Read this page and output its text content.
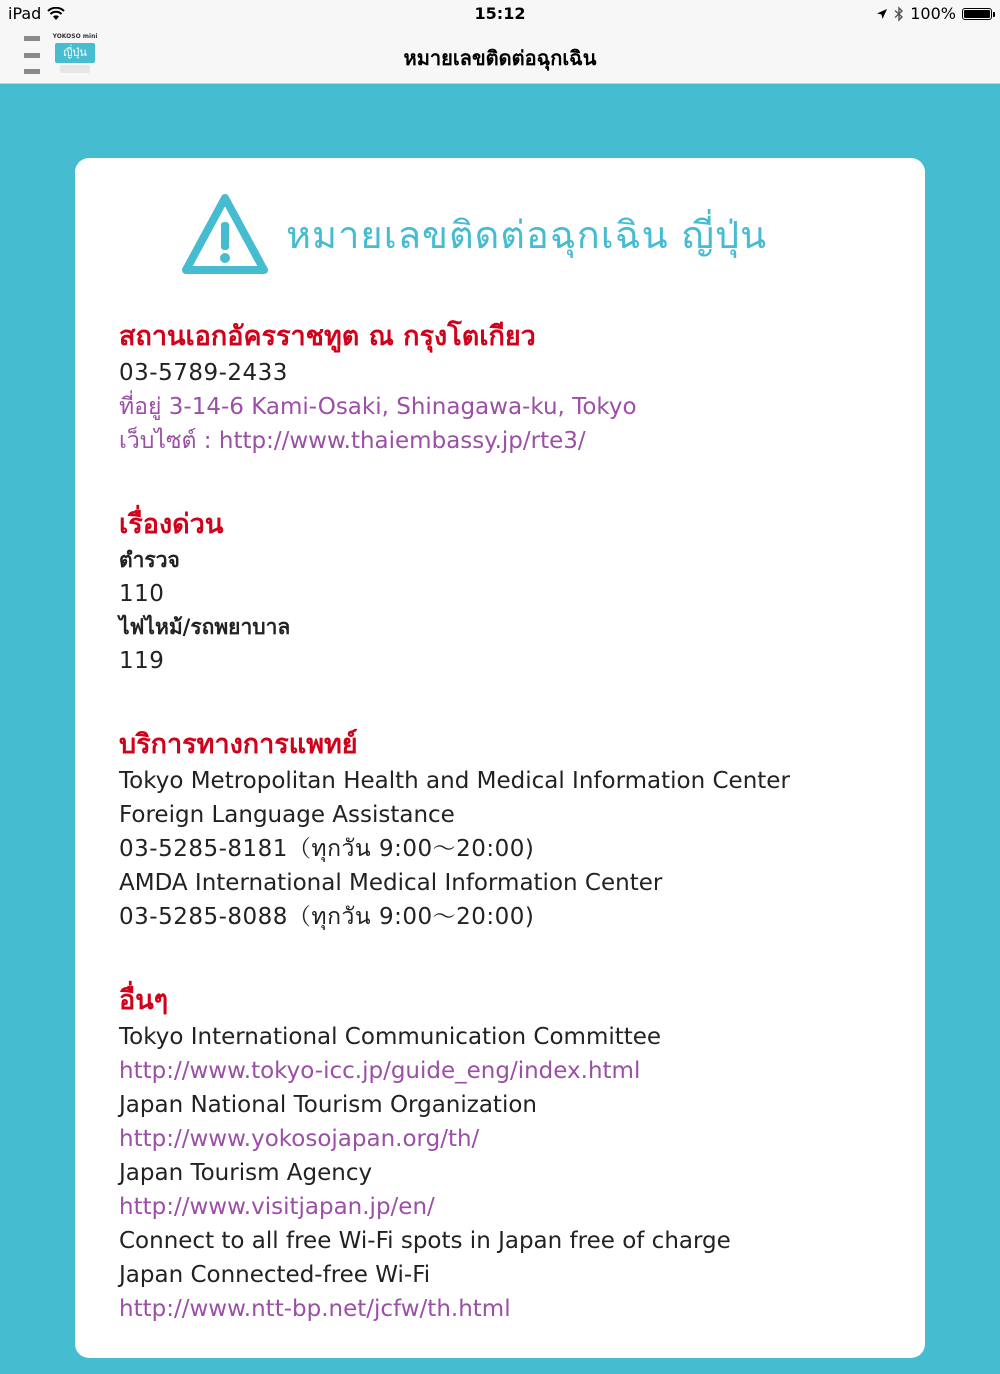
iPad	15:12	100%
YOKOSO mini
ญี่ปุ่น	หมายเลขติดต่อฉุกเฉิน
หมายเลขติดต่อฉุกเฉิน ญี่ปุ่น
สถานเอกอัครราชทูต ณ กรุงโตเกียว
03-5789-2433
ที่อยู่ 3-14-6 Kami-Osaki, Shinagawa-ku, Tokyo
เว็บไซต์ : http://www.thaiembassy.jp/rte3/
เรื่องด่วน
ตำรวจ
110
ไฟไหม้/รถพยาบาล
119
บริการทางการแพทย์
Tokyo Metropolitan Health and Medical Information Center
Foreign Language Assistance
03-5285-8181（ทุกวัน 9:00～20:00)
AMDA International Medical Information Center
03-5285-8088（ทุกวัน 9:00～20:00)
อื่นๆ
Tokyo International Communication Committee
http://www.tokyo-icc.jp/guide_eng/index.html
Japan National Tourism Organization
http://www.yokosojapan.org/th/
Japan Tourism Agency
http://www.visitjapan.jp/en/
Connect to all free Wi-Fi spots in Japan free of charge
Japan Connected-free Wi-Fi
http://www.ntt-bp.net/jcfw/th.html
